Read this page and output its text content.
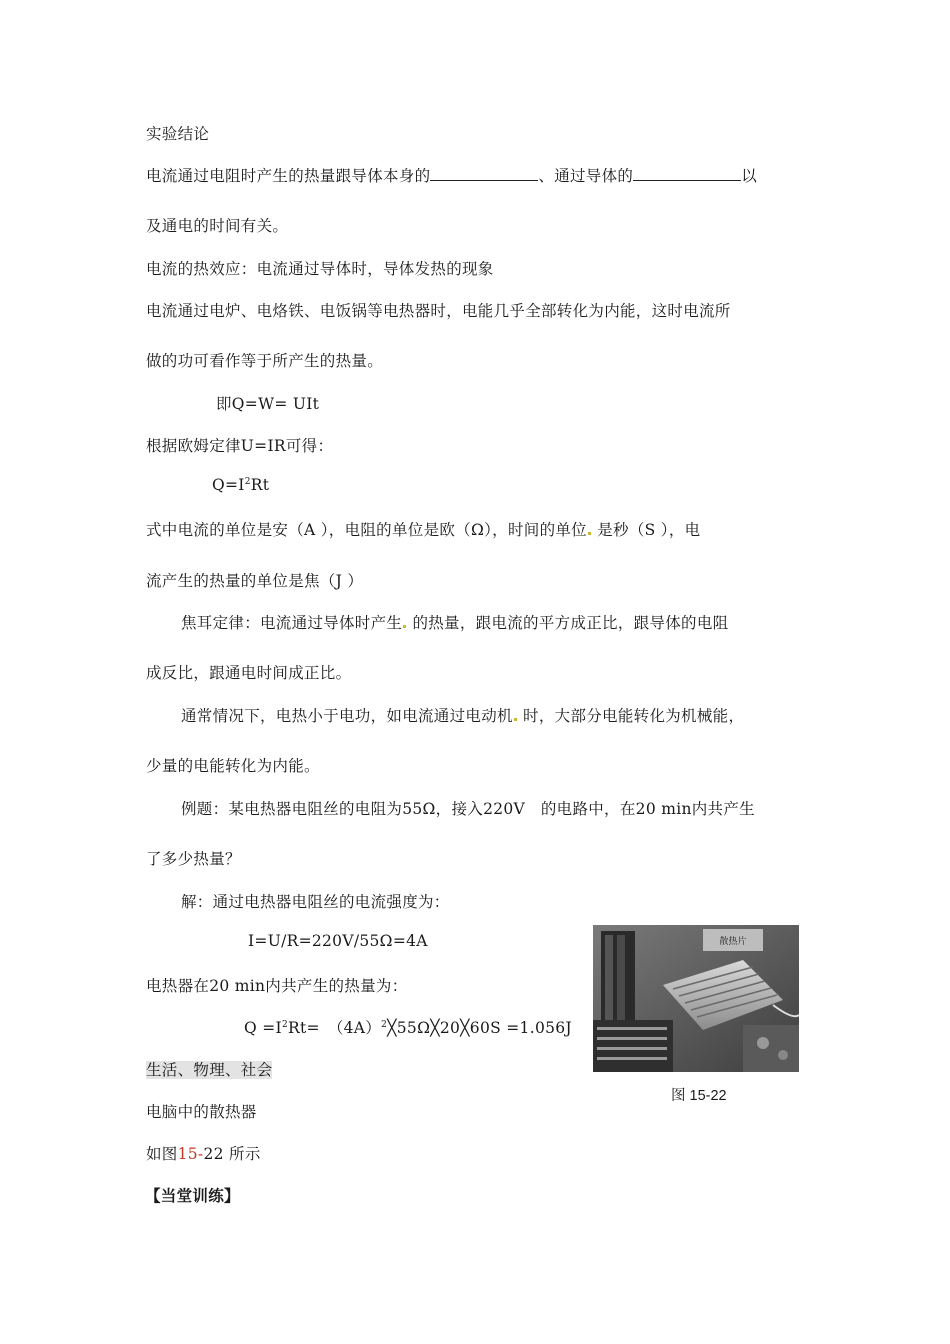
实验结论
电流通过电阻时产生的热量跟导体本身的	、通过导体的	以
及通电的时间有关。
电流的热效应：电流通过导体时，导体发热的现象
电流通过电炉、电烙铁、电饭锅等电热器时，电能几乎全部转化为内能，这时电流所
做的功可看作等于所产生的热量。
即Q=W= UIt
根据欧姆定律U=IR可得：
$Q=I^2Rt$
式中电流的单位是安（A ），电阻的单位是欧（Ω），时间的单位 是秒（S ），电
流产生的热量的单位是焦（J ）
焦耳定律：电流通过导体时产生 的热量，跟电流的平方成正比，跟导体的电阻
成反比，跟通电时间成正比。
通常情况下，电热小于电功，如电流通过电动机 时，大部分电能转化为机械能，
少量的电能转化为内能。
例题：某电热器电阻丝的电阻为55Ω，接入220V　的电路中，在20 min内共产生
了多少热量？
解：通过电热器电阻丝的电流强度为：
I=U/R=220V/55Ω=4A
电热器在20 min内共产生的热量为：
$Q =I^2Rt=$　$(4A)^2╳55\Omega╳20╳60S =1.056J$
生活、物理、社会
电脑中的散热器
如图15-22 所示
【当堂训练】
散热片
图 15-22
